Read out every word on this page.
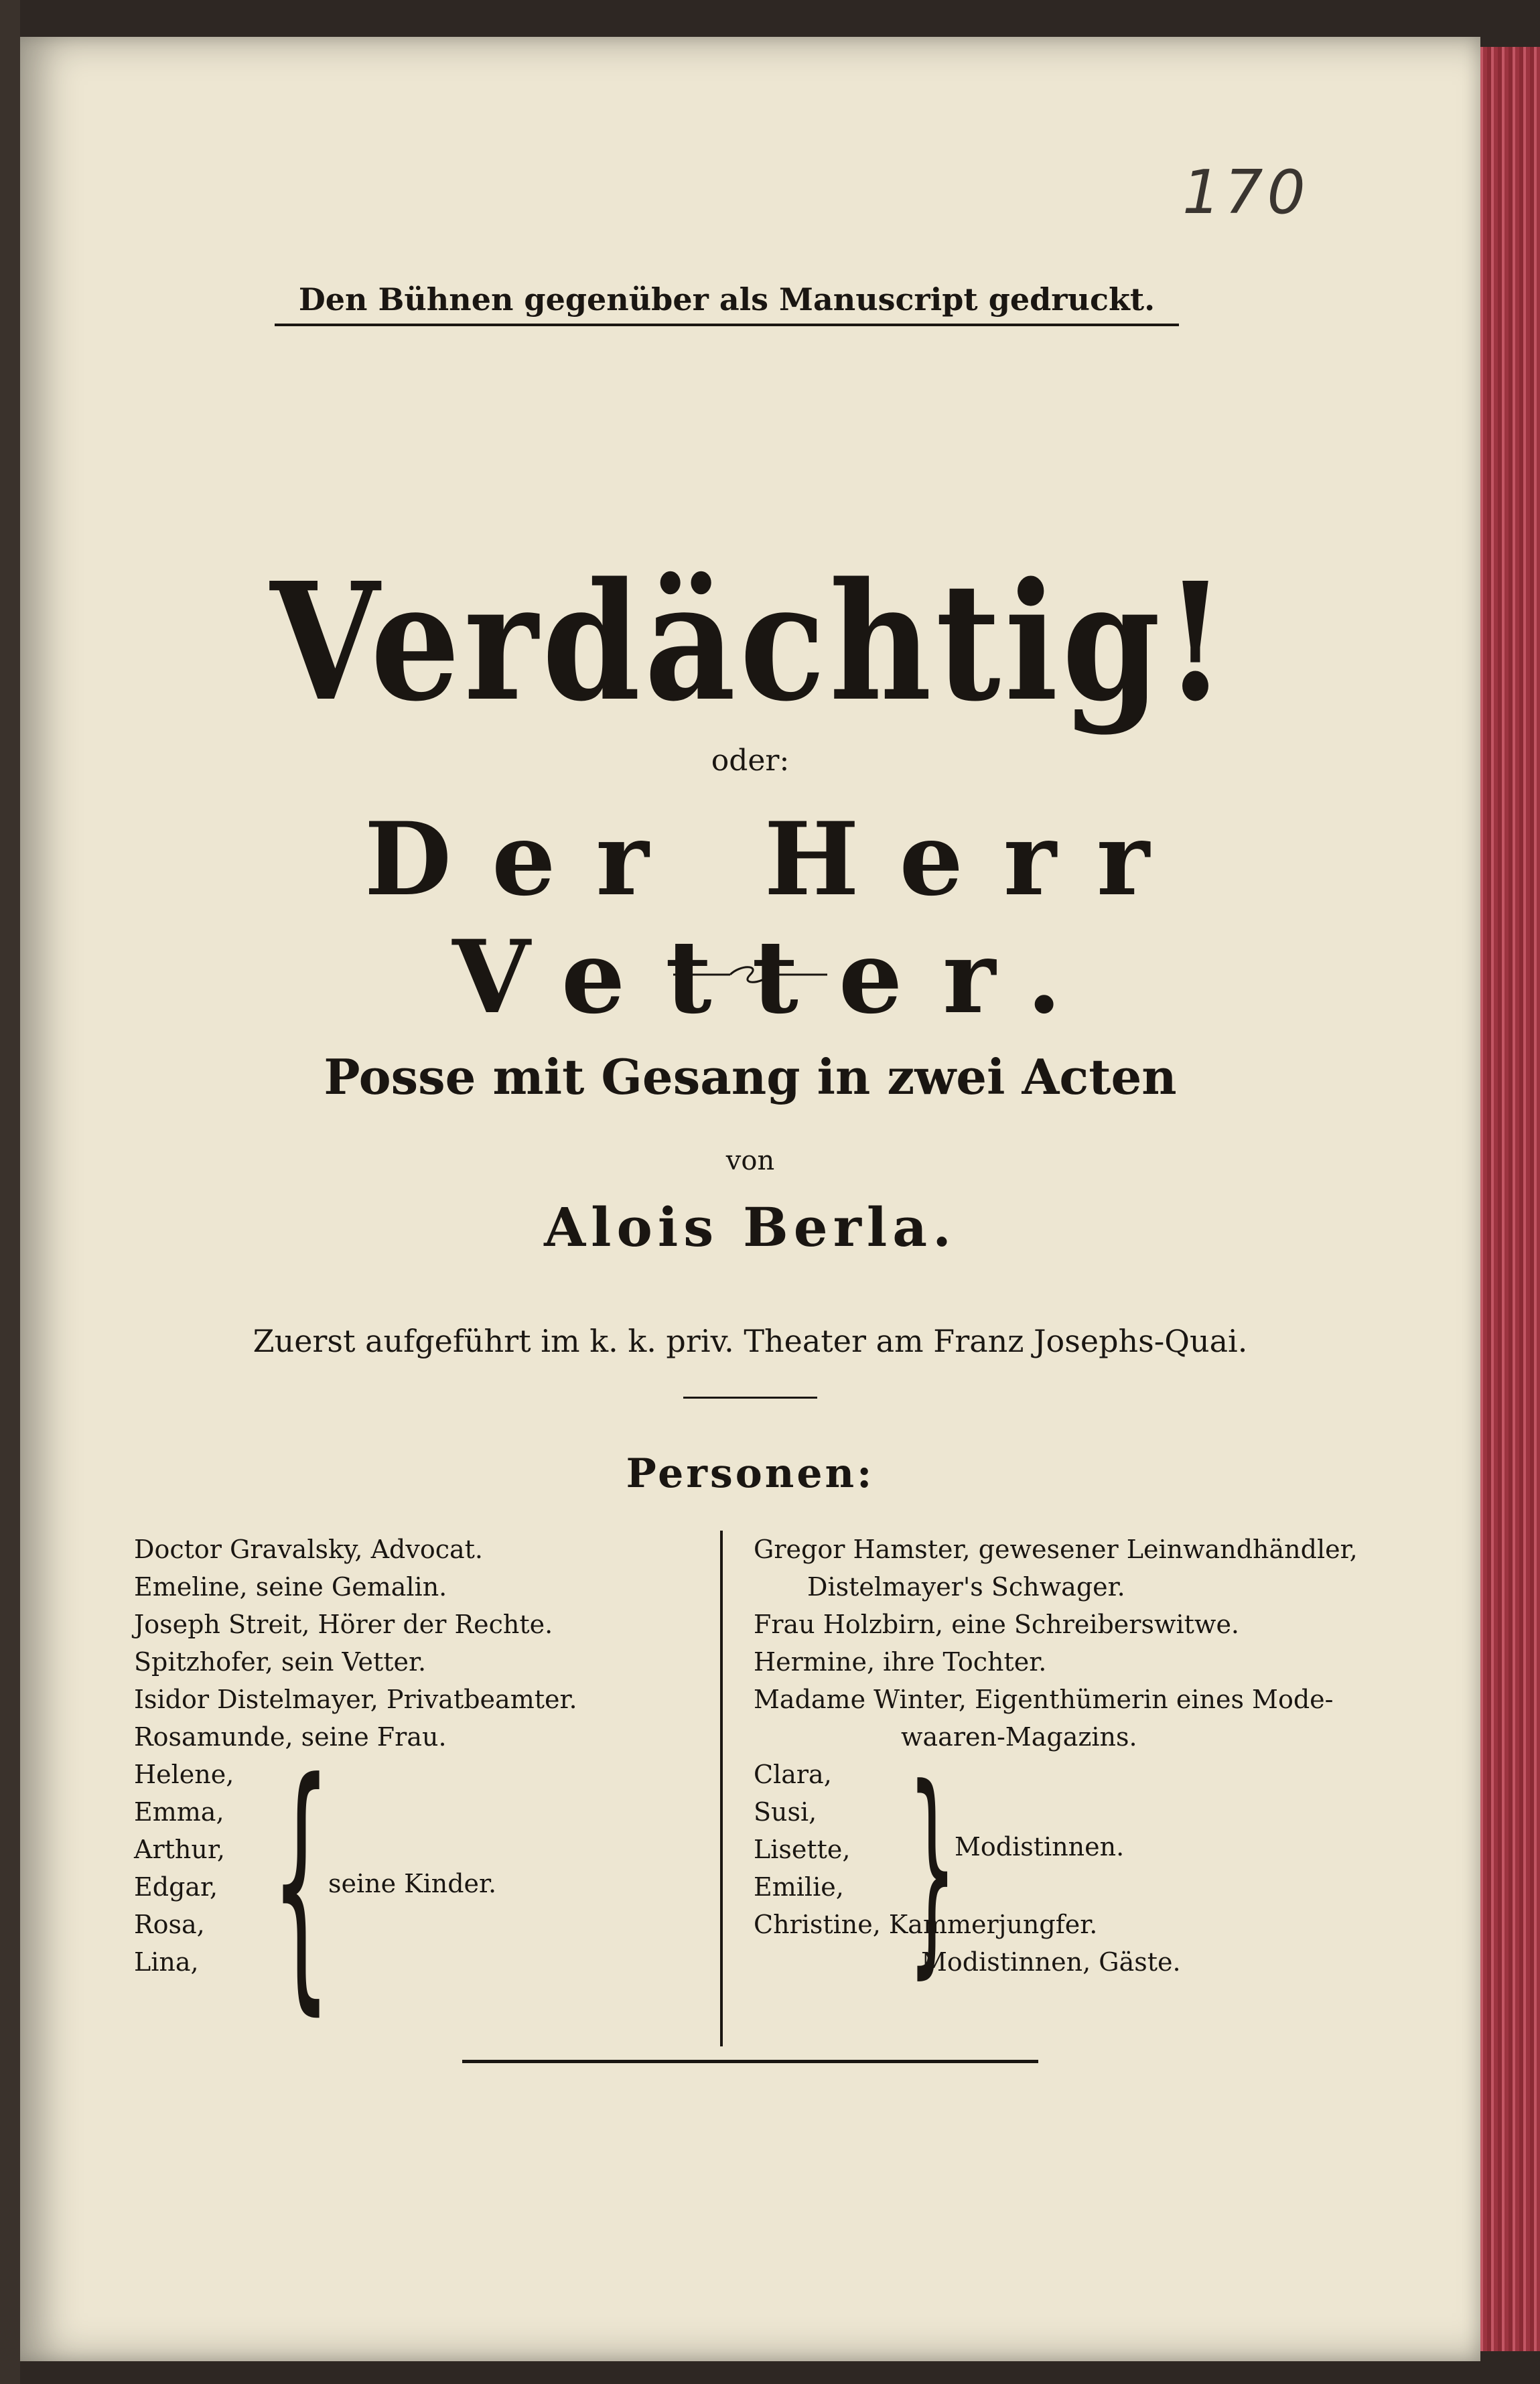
170
Den Bühnen gegenüber als Manuscript gedruckt.
Verdächtig!
oder:
Der Herr Vetter.
Posse mit Gesang in zwei Acten
von
Alois Berla.
Zuerst aufgeführt im k. k. priv. Theater am Franz Josephs-Quai.
Personen:
Doctor Gravalsky, Advocat.
Emeline, seine Gemalin.
Joseph Streit, Hörer der Rechte.
Spitzhofer, sein Vetter.
Isidor Distelmayer, Privatbeamter.
Rosamunde, seine Frau.
Helene,
Emma,
Arthur,
Edgar,
Rosa,
Lina, {
seine Kinder.
Gregor Hamster, gewesener Leinwandhändler,
Distelmayer's Schwager.
Frau Holzbirn, eine Schreiberswitwe.
Hermine, ihre Tochter.
Madame Winter, Eigenthümerin eines Mode-
waaren-Magazins.
Clara,
Susi,
Lisette,
Emilie,
Christine, Kammerjungfer.
Modistinnen, Gäste.
}
Modistinnen.
